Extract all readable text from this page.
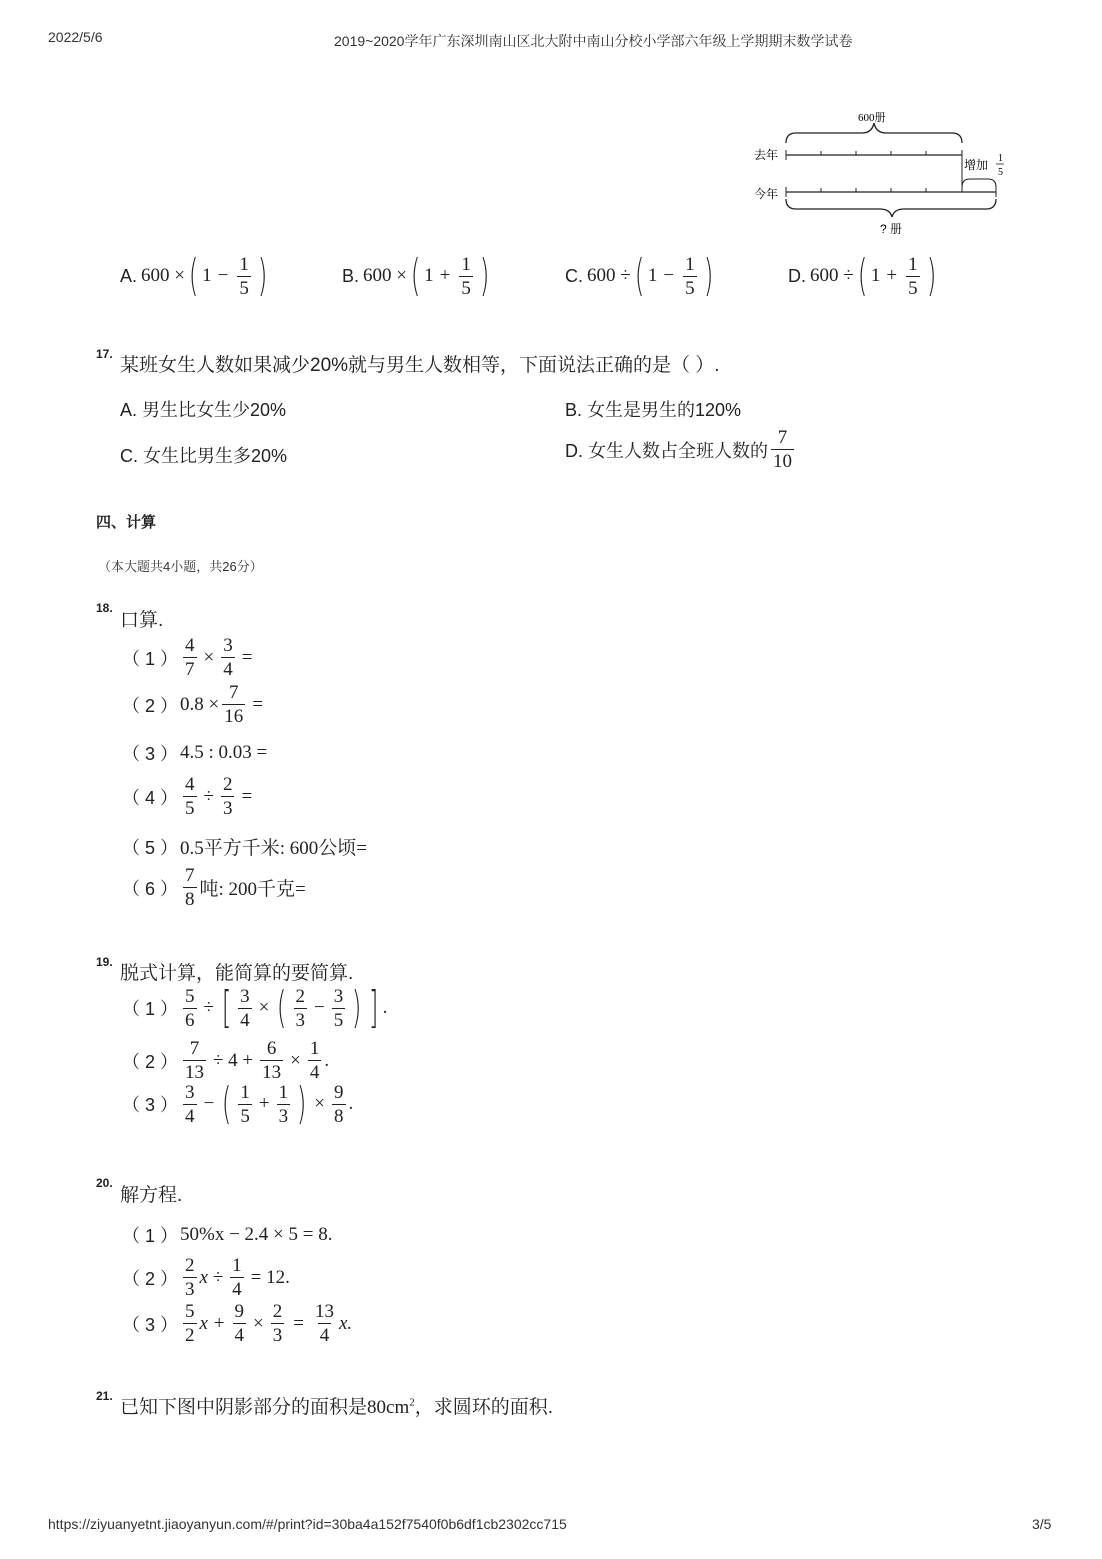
2022/5/6	2019~2020学年广东深圳南山区北大附中南山分校小学部六年级上学期期末数学试卷
600册
去年
今年
增加 1
5
? 册
A. 600 × ( $1 - \frac{1}{5}$ )	B. 600 × ( $1 + \frac{1}{5}$ )	C. 600 ÷ ( $1 - \frac{1}{5}$ )	D. 600 ÷ ( $1 + \frac{1}{5}$ )
17.
某班女生人数如果减少20%就与男生人数相等，下面说法正确的是（ ）.
A. 男生比女生少20%	B. 女生是男生的120%
C. 女生比男生多20%	D. 女生人数占全班人数的 $\frac{7}{10}$
四、计算
（本大题共4小题，共26分）
18.
口算.
（ 1 ） $\frac{4}{7} \times \frac{3}{4}$ =
（ 2 ） $0.8 \times \frac{7}{16}$ =
（ 3 ） 4.5 : 0.03 =
（ 4 ） $\frac{4}{5} \div \frac{2}{3}$ =
（ 5 ） 0.5平方千米: 600公顷=
（ 6 ） $\frac{7}{8}$ 吨: 200千克=
19.
脱式计算，能简算的要简算.
（ 1 ） $\frac{5}{6}$ ÷ [ $\frac{3}{4}$ × ( $\frac{2}{3} - \frac{3}{5}$ ) ] .
（ 2 ） $\frac{7}{13} \div 4 + \frac{6}{13} \times \frac{1}{4}$ .
（ 3 ） $\frac{3}{4}$ − ( $\frac{1}{5} + \frac{1}{3}$ ) × $\frac{9}{8}$ .
20.
解方程.
（ 1 ） 50%x − 2.4 × 5 = 8.
（ 2 ） $\frac{2}{3}$ $x \div \frac{1}{4} = 12$.
（ 3 ） $\frac{5}{2}$ $x + \frac{9}{4} \times \frac{2}{3} = \frac{13}{4} x$.
21.
已知下图中阴影部分的面积是$80cm^2$，求圆环的面积.
https://ziyuanyetnt.jiaoyanyun.com/#/print?id=30ba4a152f7540f0b6df1cb2302cc715	3/5
